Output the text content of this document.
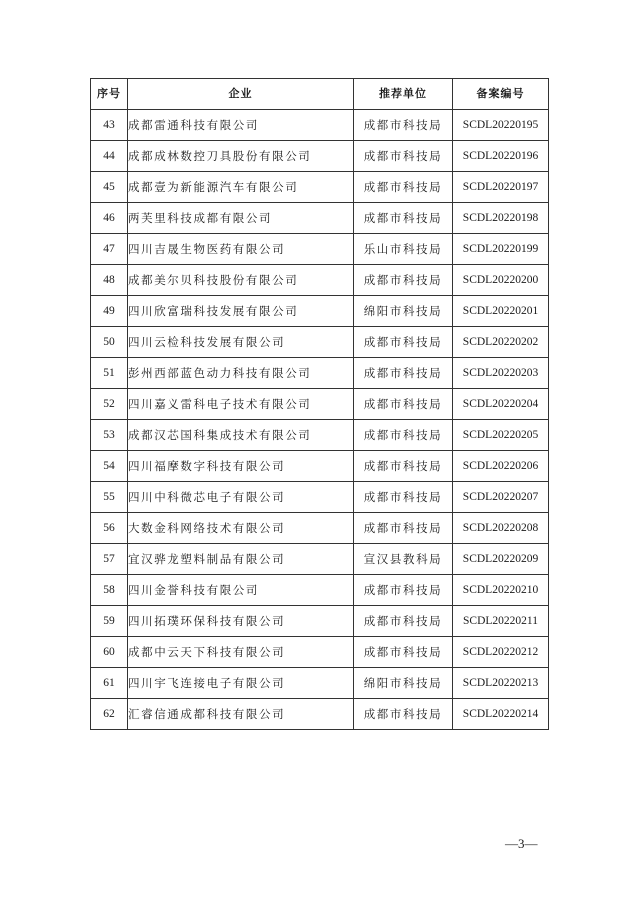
序号	企业	推荐单位	备案编号
43	成都雷通科技有限公司	成都市科技局	SCDL20220195
44	成都成林数控刀具股份有限公司	成都市科技局	SCDL20220196
45	成都壹为新能源汽车有限公司	成都市科技局	SCDL20220197
46	两芙里科技成都有限公司	成都市科技局	SCDL20220198
47	四川吉晟生物医药有限公司	乐山市科技局	SCDL20220199
48	成都美尔贝科技股份有限公司	成都市科技局	SCDL20220200
49	四川欣富瑞科技发展有限公司	绵阳市科技局	SCDL20220201
50	四川云检科技发展有限公司	成都市科技局	SCDL20220202
51	彭州西部蓝色动力科技有限公司	成都市科技局	SCDL20220203
52	四川嘉义雷科电子技术有限公司	成都市科技局	SCDL20220204
53	成都汉芯国科集成技术有限公司	成都市科技局	SCDL20220205
54	四川福摩数字科技有限公司	成都市科技局	SCDL20220206
55	四川中科微芯电子有限公司	成都市科技局	SCDL20220207
56	大数金科网络技术有限公司	成都市科技局	SCDL20220208
57	宜汉骅龙塑料制品有限公司	宣汉县教科局	SCDL20220209
58	四川金誉科技有限公司	成都市科技局	SCDL20220210
59	四川拓璞环保科技有限公司	成都市科技局	SCDL20220211
60	成都中云天下科技有限公司	成都市科技局	SCDL20220212
61	四川宇飞连接电子有限公司	绵阳市科技局	SCDL20220213
62	汇睿信通成都科技有限公司	成都市科技局	SCDL20220214
—3—
